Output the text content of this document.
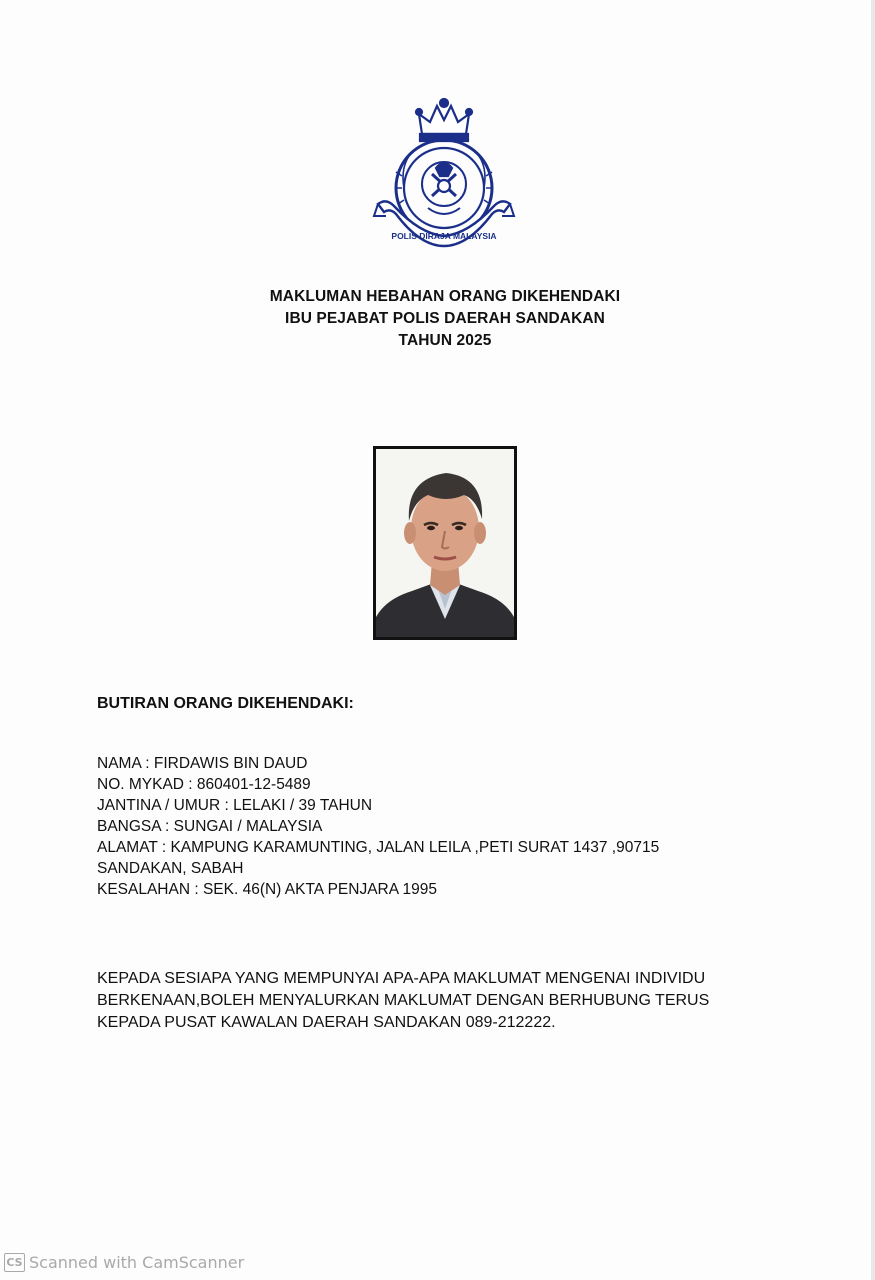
POLIS DIRAJA MALAYSIA
MAKLUMAN HEBAHAN ORANG DIKEHENDAKI
IBU PEJABAT POLIS DAERAH SANDAKAN
TAHUN 2025
BUTIRAN ORANG DIKEHENDAKI:
NAMA : FIRDAWIS BIN DAUD
NO. MYKAD : 860401-12-5489
JANTINA / UMUR : LELAKI / 39 TAHUN
BANGSA : SUNGAI / MALAYSIA
ALAMAT : KAMPUNG KARAMUNTING, JALAN LEILA ,PETI SURAT 1437 ,90715
SANDAKAN, SABAH
KESALAHAN : SEK. 46(N) AKTA PENJARA 1995
KEPADA SESIAPA YANG MEMPUNYAI APA-APA MAKLUMAT MENGENAI INDIVIDU
BERKENAAN,BOLEH MENYALURKAN MAKLUMAT DENGAN BERHUBUNG TERUS
KEPADA PUSAT KAWALAN DAERAH SANDAKAN 089-212222.
CS Scanned with CamScanner
